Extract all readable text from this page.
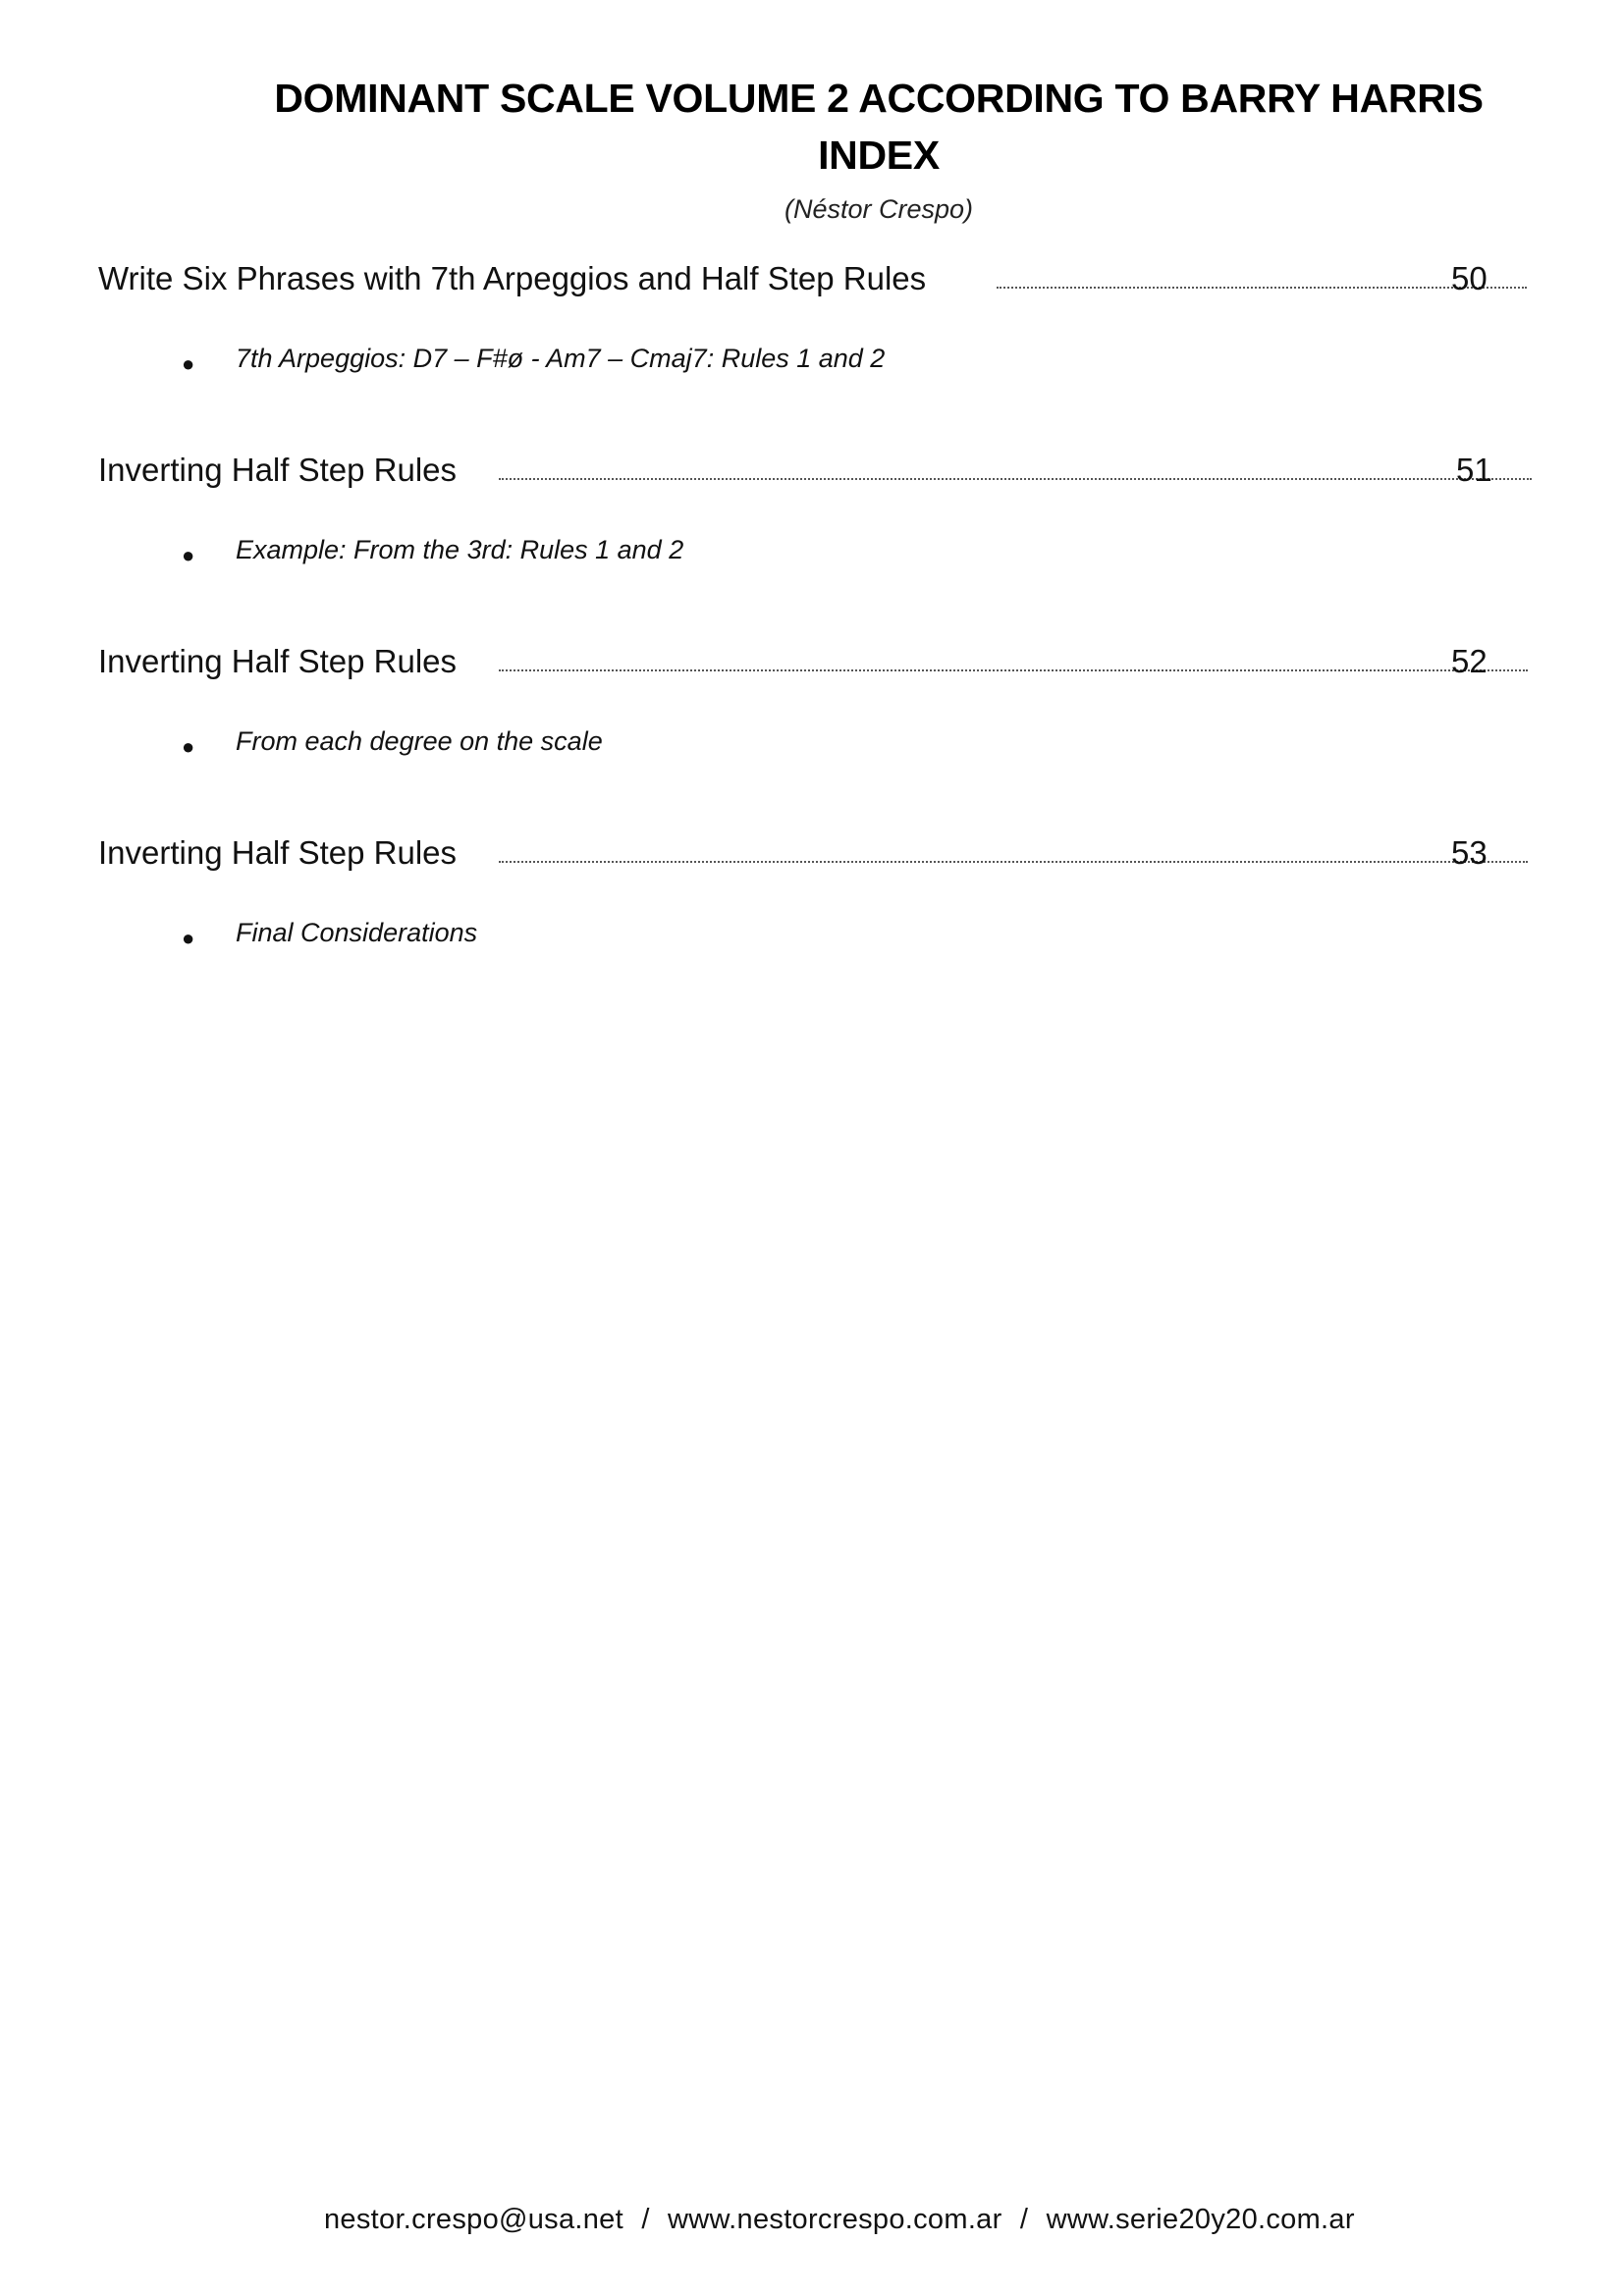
DOMINANT SCALE VOLUME 2 ACCORDING TO BARRY HARRIS
INDEX
(Néstor Crespo)
Write Six Phrases with 7th Arpeggios and Half Step Rules	50
● 7th Arpeggios: D7 – F#ø - Am7 – Cmaj7: Rules 1 and 2
Inverting Half Step Rules	51
● Example: From the 3rd: Rules 1 and 2
Inverting Half Step Rules	52
● From each degree on the scale
Inverting Half Step Rules	53
● Final Considerations
nestor.crespo@usa.net / www.nestorcrespo.com.ar / www.serie20y20.com.ar
